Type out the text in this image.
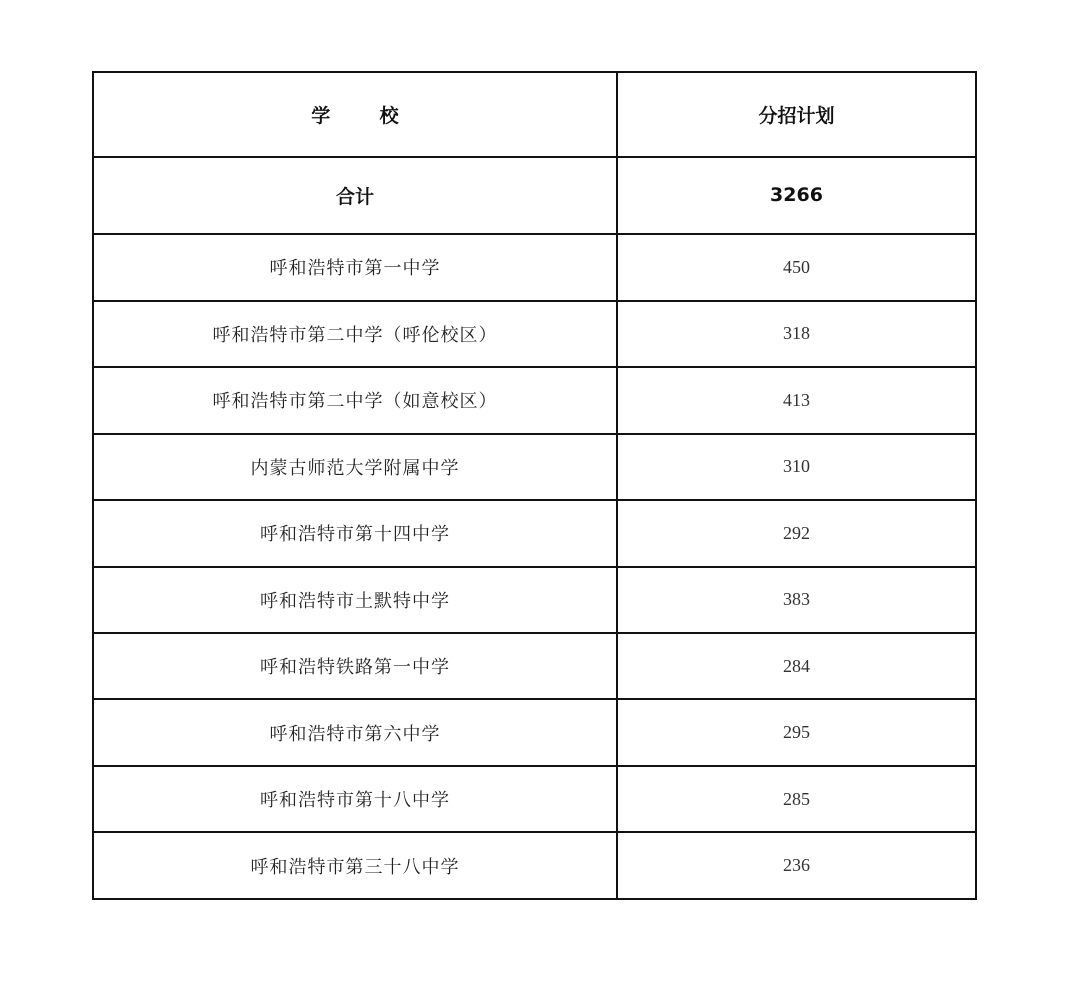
学校	分招计划
合计	3266
呼和浩特市第一中学	450
呼和浩特市第二中学（呼伦校区）	318
呼和浩特市第二中学（如意校区）	413
内蒙古师范大学附属中学	310
呼和浩特市第十四中学	292
呼和浩特市土默特中学	383
呼和浩特铁路第一中学	284
呼和浩特市第六中学	295
呼和浩特市第十八中学	285
呼和浩特市第三十八中学	236
